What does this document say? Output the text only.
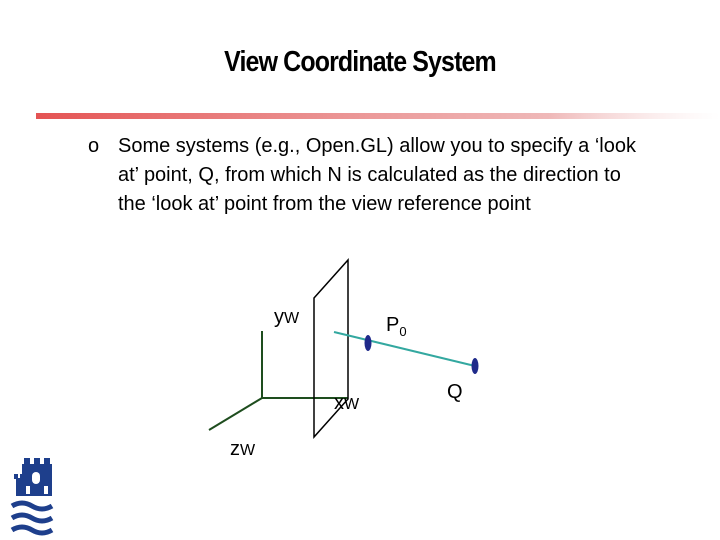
View Coordinate System
o Some systems (e.g., Open.GL) allow you to specify a ‘look at’ point, Q, from which N is calculated as the direction to the ‘look at’ point from the view reference point
yW
xW
zW
$P_0$
Q
